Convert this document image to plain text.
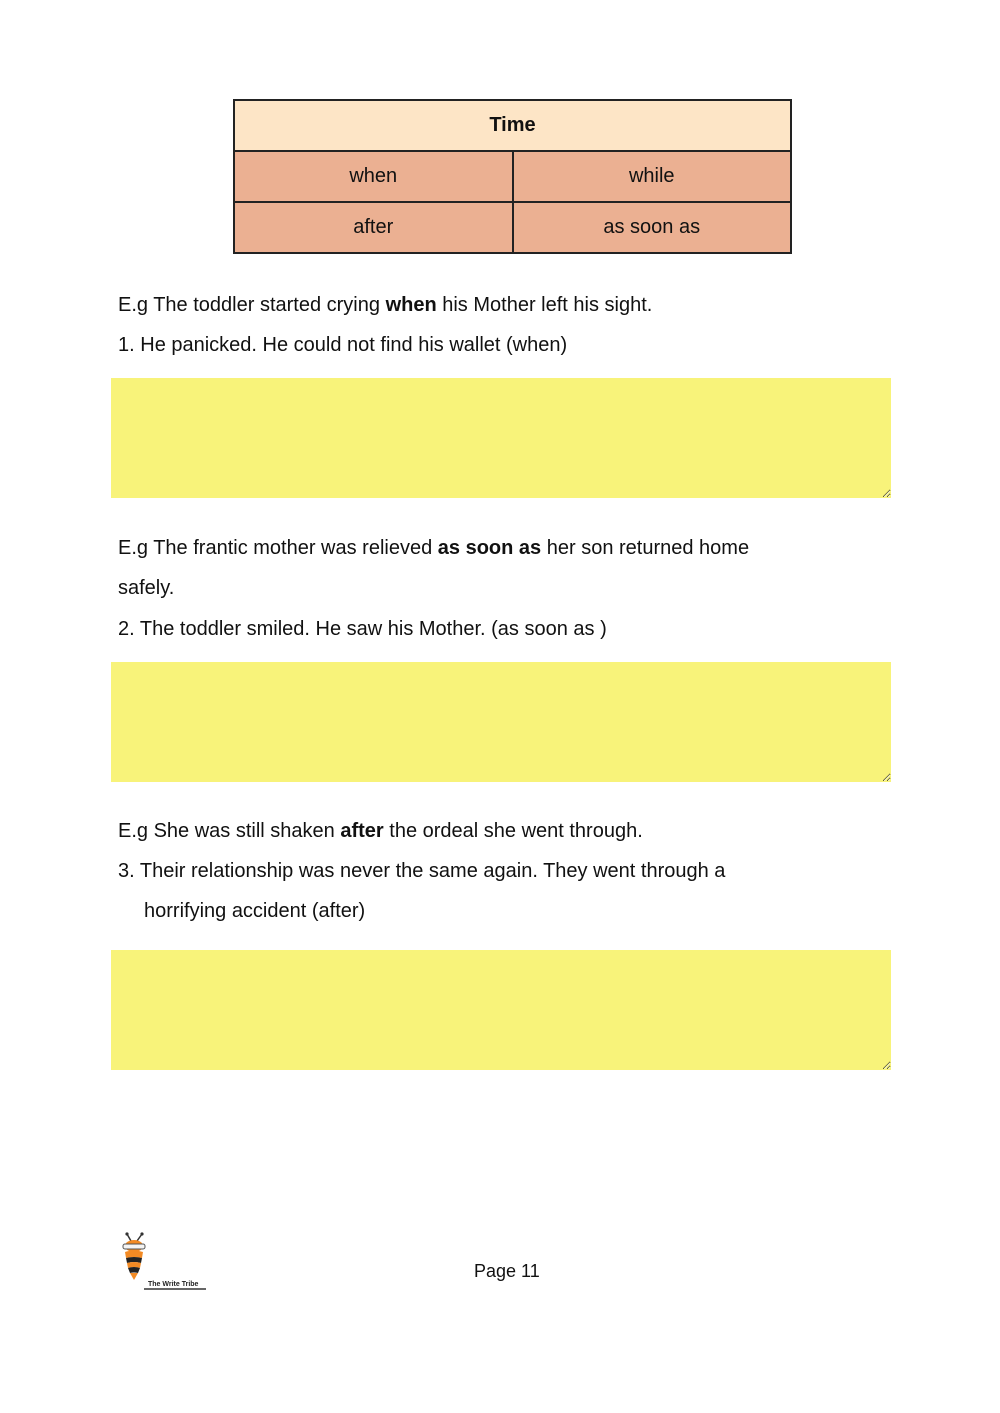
Time	
when	while
after	as soon as

E.g The toddler started crying when his Mother left his sight.

1. He panicked. He could not find his wallet (when)

E.g The frantic mother was relieved as soon as her son returned home

safely.

2. The toddler smiled. He saw his Mother. (as soon as )

E.g She was still shaken after the ordeal she went through.

3. Their relationship was never the same again. They went through a

horrifying accident (after)

The Write Tribe
Page 11
